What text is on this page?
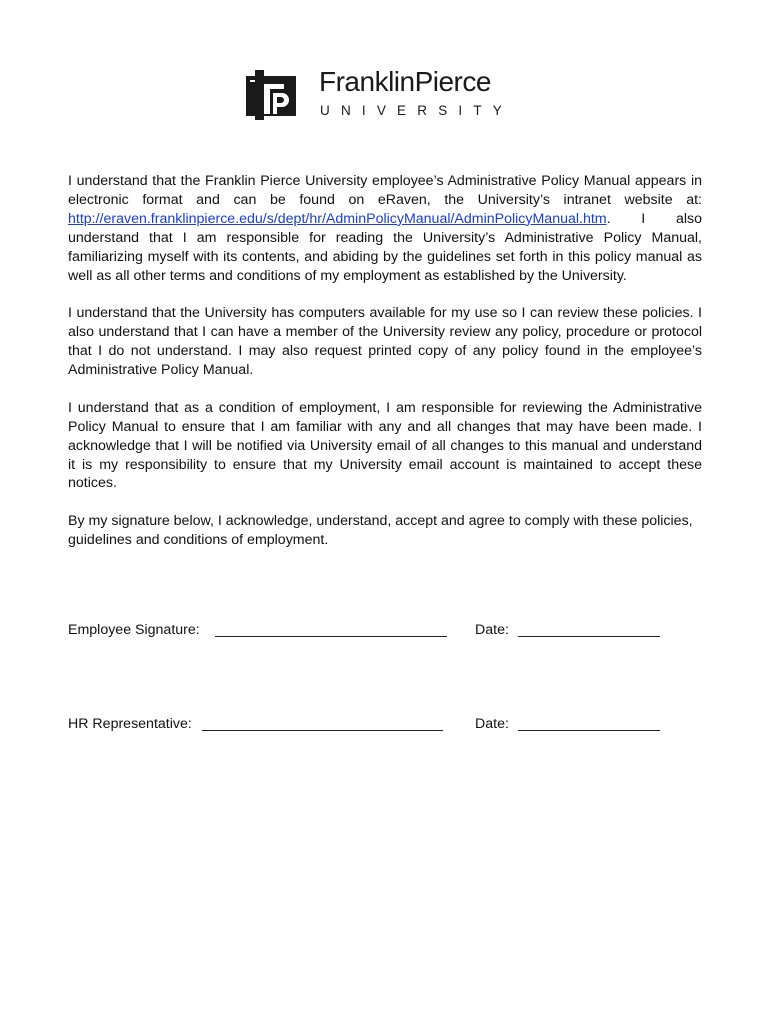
FranklinPierce
UNIVERSITY

I understand that the Franklin Pierce University employee’s Administrative Policy Manual appears in electronic format and can be found on eRaven, the University’s intranet website at: http://eraven.franklinpierce.edu/s/dept/hr/AdminPolicyManual/AdminPolicyManual.htm. I also understand that I am responsible for reading the University’s Administrative Policy Manual, familiarizing myself with its contents, and abiding by the guidelines set forth in this policy manual as well as all other terms and conditions of my employment as established by the University.

I understand that the University has computers available for my use so I can review these policies. I also understand that I can have a member of the University review any policy, procedure or protocol that I do not understand. I may also request printed copy of any policy found in the employee’s Administrative Policy Manual.

I understand that as a condition of employment, I am responsible for reviewing the Administrative Policy Manual to ensure that I am familiar with any and all changes that may have been made. I acknowledge that I will be notified via University email of all changes to this manual and understand it is my responsibility to ensure that my University email account is maintained to accept these notices.

By my signature below, I acknowledge, understand, accept and agree to comply with these policies, guidelines and conditions of employment.

Employee Signature:	Date:
HR Representative:	Date:
